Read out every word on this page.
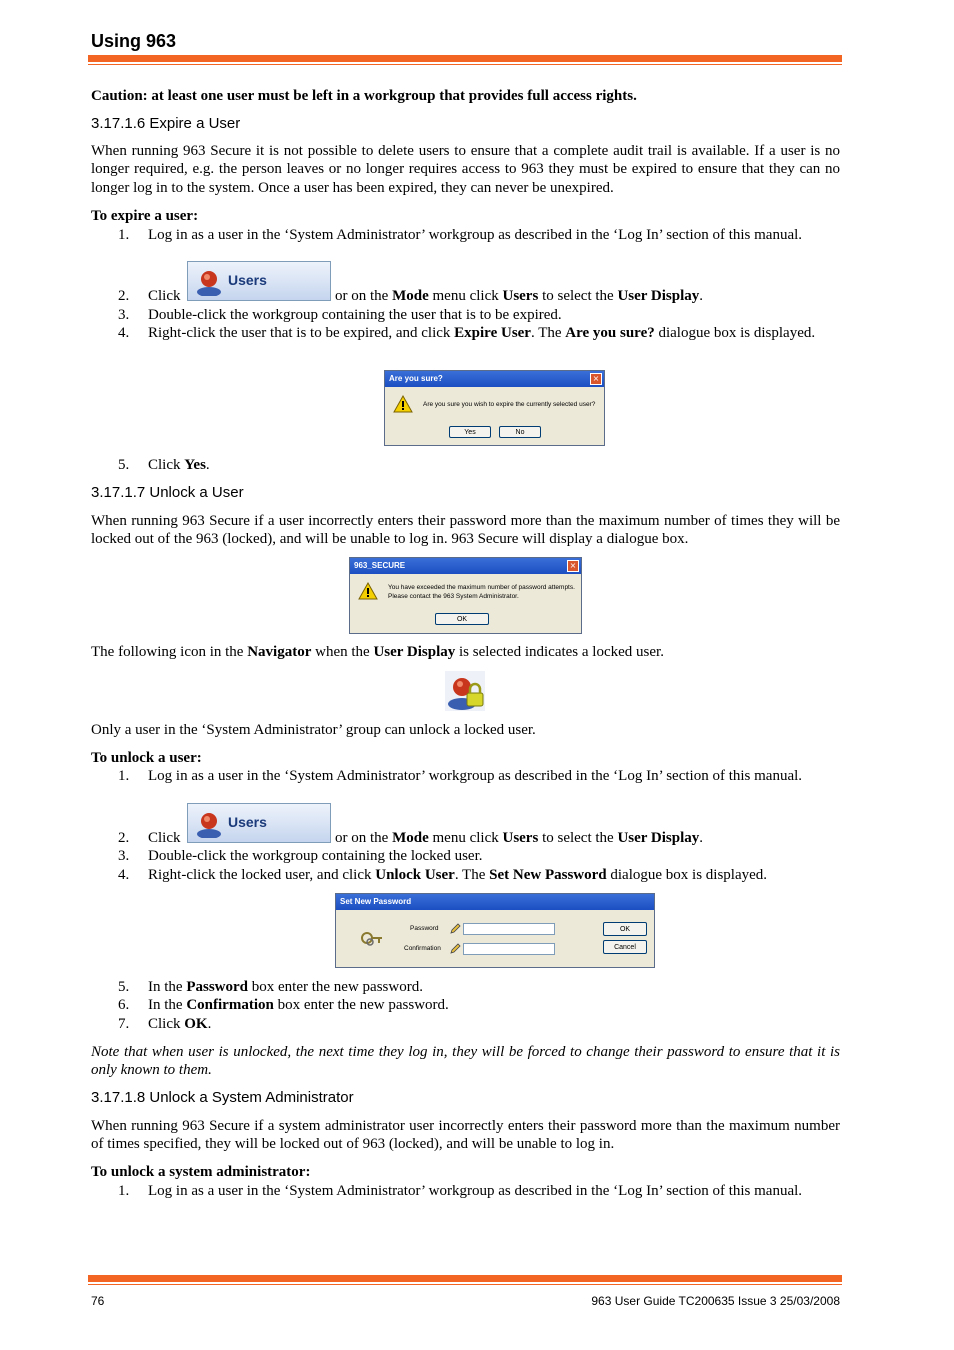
Using 963
Caution: at least one user must be left in a workgroup that provides full access rights.
3.17.1.6 Expire a User
When running 963 Secure it is not possible to delete users to ensure that a complete audit trail is available. If a user is no longer required, e.g. the person leaves or no longer requires access to 963 they must be expired to ensure that they can no longer log in to the system. Once a user has been expired, they can never be unexpired.
To expire a user:
1. Log in as a user in the ‘System Administrator’ workgroup as described in the ‘Log In’ section of this manual.
2. Click	or on the Mode menu click Users to select the User Display.
Users
3. Double-click the workgroup containing the user that is to be expired.
4. Right-click the user that is to be expired, and click Expire User. The Are you sure? dialogue box is displayed.
Are you sure?	×
Are you sure you wish to expire the currently selected user?
Yes	No
5. Click Yes.
3.17.1.7 Unlock a User
When running 963 Secure if a user incorrectly enters their password more than the maximum number of times they will be locked out of the 963 (locked), and will be unable to log in. 963 Secure will display a dialogue box.
963_SECURE	×
You have exceeded the maximum number of password attempts.
Please contact the 963 System Administrator.
OK
The following icon in the Navigator when the User Display is selected indicates a locked user.
Only a user in the ‘System Administrator’ group can unlock a locked user.
To unlock a user:
1. Log in as a user in the ‘System Administrator’ workgroup as described in the ‘Log In’ section of this manual.
2. Click	or on the Mode menu click Users to select the User Display.
Users
3. Double-click the workgroup containing the locked user.
4. Right-click the locked user, and click Unlock User. The Set New Password dialogue box is displayed.
Set New Password
Password
Confirmation
OK
Cancel
5. In the Password box enter the new password.
6. In the Confirmation box enter the new password.
7. Click OK.
Note that when user is unlocked, the next time they log in, they will be forced to change their password to ensure that it is only known to them.
3.17.1.8 Unlock a System Administrator
When running 963 Secure if a system administrator user incorrectly enters their password more than the maximum number of times specified, they will be locked out of 963 (locked), and will be unable to log in.
To unlock a system administrator:
1. Log in as a user in the ‘System Administrator’ workgroup as described in the ‘Log In’ section of this manual.
76	963 User Guide TC200635 Issue 3 25/03/2008
